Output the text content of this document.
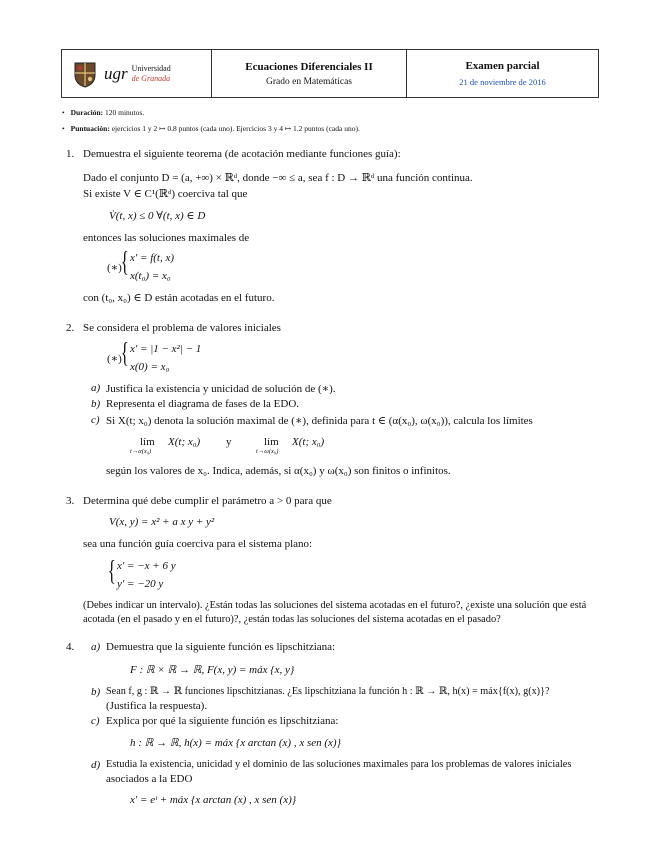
ugr Universidad
de Granada
Ecuaciones Diferenciales II
Grado en Matemáticas
Examen parcial
21 de noviembre de 2016
• Duración: 120 minutos.
• Puntuación: ejercicios 1 y 2 ↦ 0.8 puntos (cada uno). Ejercicios 3 y 4 ↦ 1.2 puntos (cada uno).
1. Demuestra el siguiente teorema (de acotación mediante funciones guía):
Dado el conjunto D = (a, +∞) × ℝᵈ, donde −∞ ≤ a, sea f : D → ℝᵈ una función continua.
Si existe V ∈ C¹(ℝᵈ) coerciva tal que
V̇(t, x) ≤ 0 ∀(t, x) ∈ D
entonces las soluciones maximales de
(∗)
{ x′ = f(t, x)
x(t₀) = x₀
con (t₀, x₀) ∈ D están acotadas en el futuro.
2. Se considera el problema de valores iniciales
(∗)
{ x′ = |1 − x²| − 1
x(0) = x₀
a) Justifica la existencia y unicidad de solución de (∗).
b) Representa el diagrama de fases de la EDO.
c) Si X(t; x₀) denota la solución maximal de (∗), definida para t ∈ (α(x₀), ω(x₀)), calcula los límites
lím
t→α(x₀)
X(t; x₀) y	lím
t→ω(x₀)
X(t; x₀)
según los valores de x₀. Indica, además, si α(x₀) y ω(x₀) son finitos o infinitos.
3. Determina qué debe cumplir el parámetro a > 0 para que
V(x, y) = x² + a x y + y²
sea una función guía coerciva para el sistema plano:
{ x′ = −x + 6 y
y′ = −20 y
(Debes indicar un intervalo). ¿Están todas las soluciones del sistema acotadas en el futuro?, ¿existe una solución que está
acotada (en el pasado y en el futuro)?, ¿están todas las soluciones del sistema acotadas en el pasado?
4. a) Demuestra que la siguiente función es lipschitziana:
F : ℝ × ℝ → ℝ, F(x, y) = máx {x, y}
b) Sean f, g : ℝ → ℝ funciones lipschitzianas. ¿Es lipschitziana la función h : ℝ → ℝ, h(x) = máx{f(x), g(x)}?
(Justifica la respuesta).
c) Explica por qué la siguiente función es lipschitziana:
h : ℝ → ℝ, h(x) = máx {x arctan (x) , x sen (x)}
d) Estudia la existencia, unicidad y el dominio de las soluciones maximales para los problemas de valores iniciales
asociados a la EDO
x′ = eᵗ + máx {x arctan (x) , x sen (x)}
